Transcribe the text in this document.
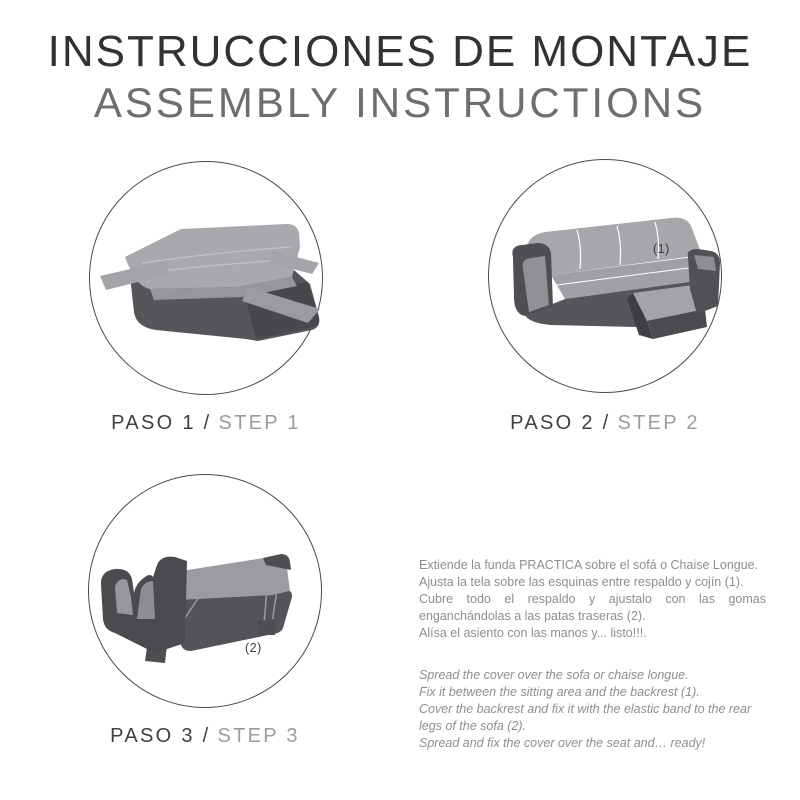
INSTRUCCIONES DE MONTAJE
ASSEMBLY INSTRUCTIONS
(1)
(2)
PASO 1 / STEP 1	PASO 2 / STEP 2
PASO 3 / STEP 3
Extiende la funda PRACTICA sobre el sofá o Chaise Longue.
Ajusta la tela sobre las esquinas entre respaldo y cojín (1).
Cubre todo el respaldo y ajustalo con las gomas
enganchándolas a las patas traseras (2).
Alísa el asiento con las manos y... listo!!!.
Spread the cover over the sofa or chaise longue.
Fix it between the sitting area and the backrest (1).
Cover the backrest and fix it with the elastic band to the rear
legs of the sofa (2).
Spread and fix the cover over the seat and… ready!
